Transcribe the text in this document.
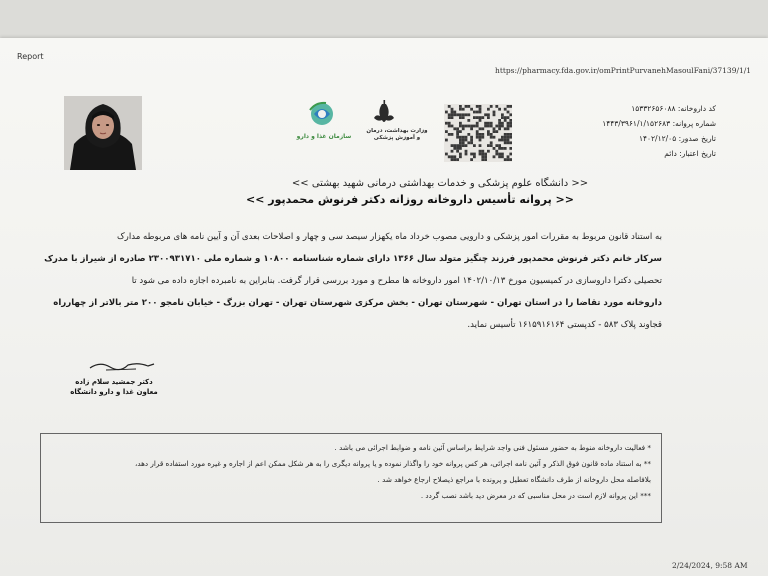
Report
https://pharmacy.fda.gov.ir/omPrintPurvanehMasoulFani/37139/1/1
وزارت بهداشت، درمان و آموزش پزشکی
سازمان غذا و دارو
کد داروخانه: ۱۵۳۳۲۶۵۶۰۸۸
شماره پروانه: ۱۴۴۳/۳۹۶۱/۱/۱۵۲۶۸۳
تاریخ صدور: ۱۴۰۲/۱۲/۰۵
تاریخ اعتبار: دائم
<< دانشگاه علوم پزشکی و خدمات بهداشتی درمانی شهید بهشتی >>
<< پروانه تأسیس داروخانه روزانه دکتر فرنوش محمدپور >>

به استناد قانون مربوط به مقررات امور پزشکی و دارویی مصوب خرداد ماه یکهزار سیصد سی و چهار و اصلاحات بعدی آن و آیین نامه های مربوطه مدارک

سرکار خانم دکتر فرنوش محمدپور فرزند چنگیز متولد سال ۱۳۶۶ دارای شماره شناسنامه ۱۰۸۰۰ و شماره ملی ۲۳۰۰۹۳۱۷۱۰ صادره از شیراز با مدرک

تحصیلی دکترا داروسازی در کمیسیون مورخ ۱۴۰۲/۱۰/۱۳ امور داروخانه ها مطرح و مورد بررسی قرار گرفت. بنابراین به نامبرده اجازه داده می شود تا

داروخانه مورد تقاضا را در استان تهران - شهرستان تهران - بخش مرکزی شهرستان تهران - تهران بزرگ - خیابان نامجو ۲۰۰ متر بالاتر از چهارراه

قجاوند پلاک ۵۸۳ - کدپستی ۱۶۱۵۹۱۶۱۶۴ تأسیس نماید.

دکتر جمشید سلام زاده
معاون غذا و دارو دانشگاه
* فعالیت داروخانه منوط به حضور مسئول فنی واجد شرایط براساس آئین نامه و ضوابط اجرائی می باشد .
** به استناد ماده قانون فوق الذکر و آئین نامه اجرائی، هر کس پروانه خود را واگذار نموده و یا پروانه دیگری را به هر شکل ممکن اعم از اجاره و غیره مورد استفاده قرار دهد،
بلافاصله محل داروخانه از طرف دانشگاه تعطیل و پرونده با مراجع ذیصلاح ارجاع خواهد شد .
*** این پروانه لازم است در محل مناسبی که در معرض دید باشد نصب گردد .
2/24/2024, 9:58 AM
